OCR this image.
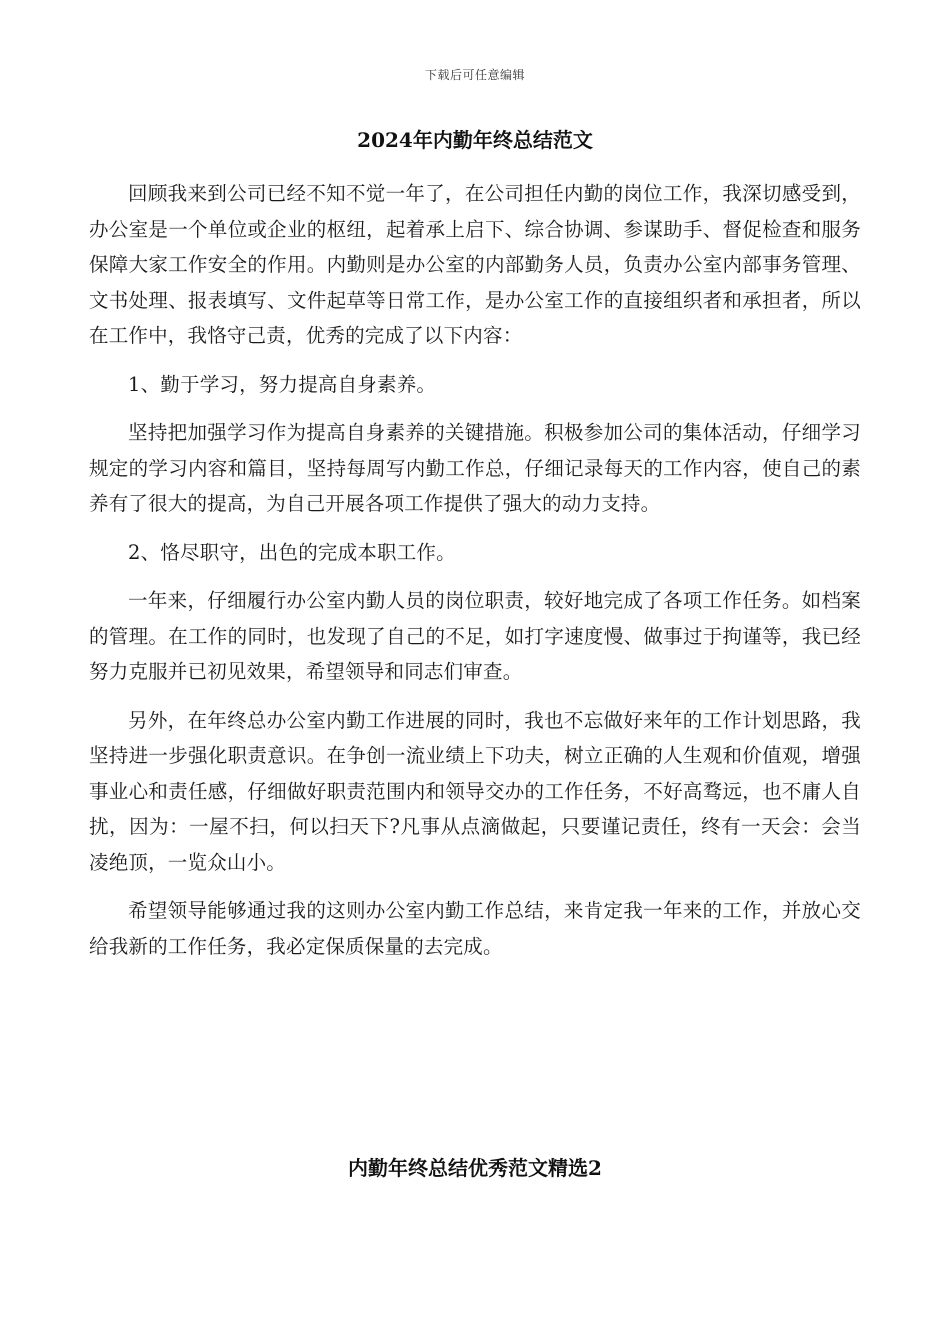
下载后可任意编辑
2024年内勤年终总结范文

回顾我来到公司已经不知不觉一年了，在公司担任内勤的岗位工作，我深切感受到，办公室是一个单位或企业的枢纽，起着承上启下、综合协调、参谋助手、督促检查和服务保障大家工作安全的作用。内勤则是办公室的内部勤务人员，负责办公室内部事务管理、文书处理、报表填写、文件起草等日常工作，是办公室工作的直接组织者和承担者，所以在工作中，我恪守己责，优秀的完成了以下内容：

1、勤于学习，努力提高自身素养。

坚持把加强学习作为提高自身素养的关键措施。积极参加公司的集体活动，仔细学习规定的学习内容和篇目，坚持每周写内勤工作总，仔细记录每天的工作内容，使自己的素养有了很大的提高，为自己开展各项工作提供了强大的动力支持。

2、恪尽职守，出色的完成本职工作。

一年来，仔细履行办公室内勤人员的岗位职责，较好地完成了各项工作任务。如档案的管理。在工作的同时，也发现了自己的不足，如打字速度慢、做事过于拘谨等，我已经努力克服并已初见效果，希望领导和同志们审查。

另外，在年终总办公室内勤工作进展的同时，我也不忘做好来年的工作计划思路，我坚持进一步强化职责意识。在争创一流业绩上下功夫，树立正确的人生观和价值观，增强事业心和责任感，仔细做好职责范围内和领导交办的工作任务，不好高骛远，也不庸人自扰，因为：一屋不扫，何以扫天下?凡事从点滴做起，只要谨记责任，终有一天会：会当凌绝顶，一览众山小。

希望领导能够通过我的这则办公室内勤工作总结，来肯定我一年来的工作，并放心交给我新的工作任务，我必定保质保量的去完成。

内勤年终总结优秀范文精选2
